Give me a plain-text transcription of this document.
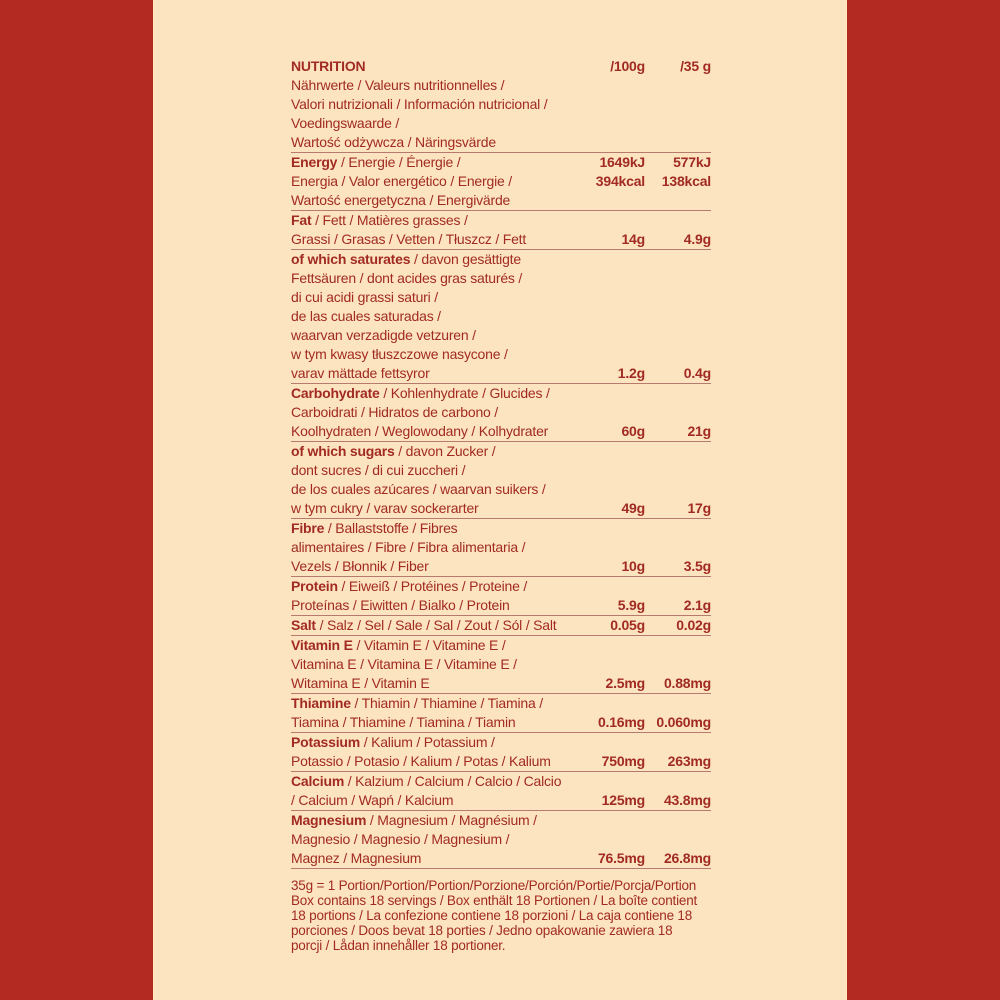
NUTRITION	/100g	/35 g
Nährwerte / Valeurs nutritionnelles /
Valori nutrizionali / Información nutricional /
Voedingswaarde /
Wartość odżywcza / Näringsvärde
Energy / Energie / Énergie /	1649kJ	577kJ
Energia / Valor energético / Energie /	394kcal	138kcal
Wartość energetyczna / Energivärde
Fat / Fett / Matières grasses /
Grassi / Grasas / Vetten / Tłuszcz / Fett	14g	4.9g
of which saturates / davon gesättigte
Fettsäuren / dont acides gras saturés /
di cui acidi grassi saturi /
de las cuales saturadas /
waarvan verzadigde vetzuren /
w tym kwasy tłuszczowe nasycone /
varav mättade fettsyror	1.2g	0.4g
Carbohydrate / Kohlenhydrate / Glucides /
Carboidrati / Hidratos de carbono /
Koolhydraten / Weglowodany / Kolhydrater	60g	21g
of which sugars / davon Zucker /
dont sucres / di cui zuccheri /
de los cuales azúcares / waarvan suikers /
w tym cukry / varav sockerarter	49g	17g
Fibre / Ballaststoffe / Fibres
alimentaires / Fibre / Fibra alimentaria /
Vezels / Błonnik / Fiber	10g	3.5g
Protein / Eiweiß / Protéines / Proteine /
Proteínas / Eiwitten / Bialko / Protein	5.9g	2.1g
Salt / Salz / Sel / Sale / Sal / Zout / Sól / Salt	0.05g	0.02g
Vitamin E / Vitamin E / Vitamine E /
Vitamina E / Vitamina E / Vitamine E /
Witamina E / Vitamin E	2.5mg	0.88mg
Thiamine / Thiamin / Thiamine / Tiamina /
Tiamina / Thiamine / Tiamina / Tiamin	0.16mg 0.060mg
Potassium / Kalium / Potassium /
Potassio / Potasio / Kalium / Potas / Kalium	750mg	263mg
Calcium / Kalzium / Calcium / Calcio / Calcio
/ Calcium / Wapń / Kalcium	125mg	43.8mg
Magnesium / Magnesium / Magnésium /
Magnesio / Magnesio / Magnesium /
Magnez / Magnesium	76.5mg	26.8mg
35g = 1 Portion/Portion/Portion/Porzione/Porción/Portie/Porcja/Portion
Box contains 18 servings / Box enthält 18 Portionen / La boîte contient
18 portions / La confezione contiene 18 porzioni / La caja contiene 18
porciones / Doos bevat 18 porties / Jedno opakowanie zawiera 18
porcji / Lådan innehåller 18 portioner.
